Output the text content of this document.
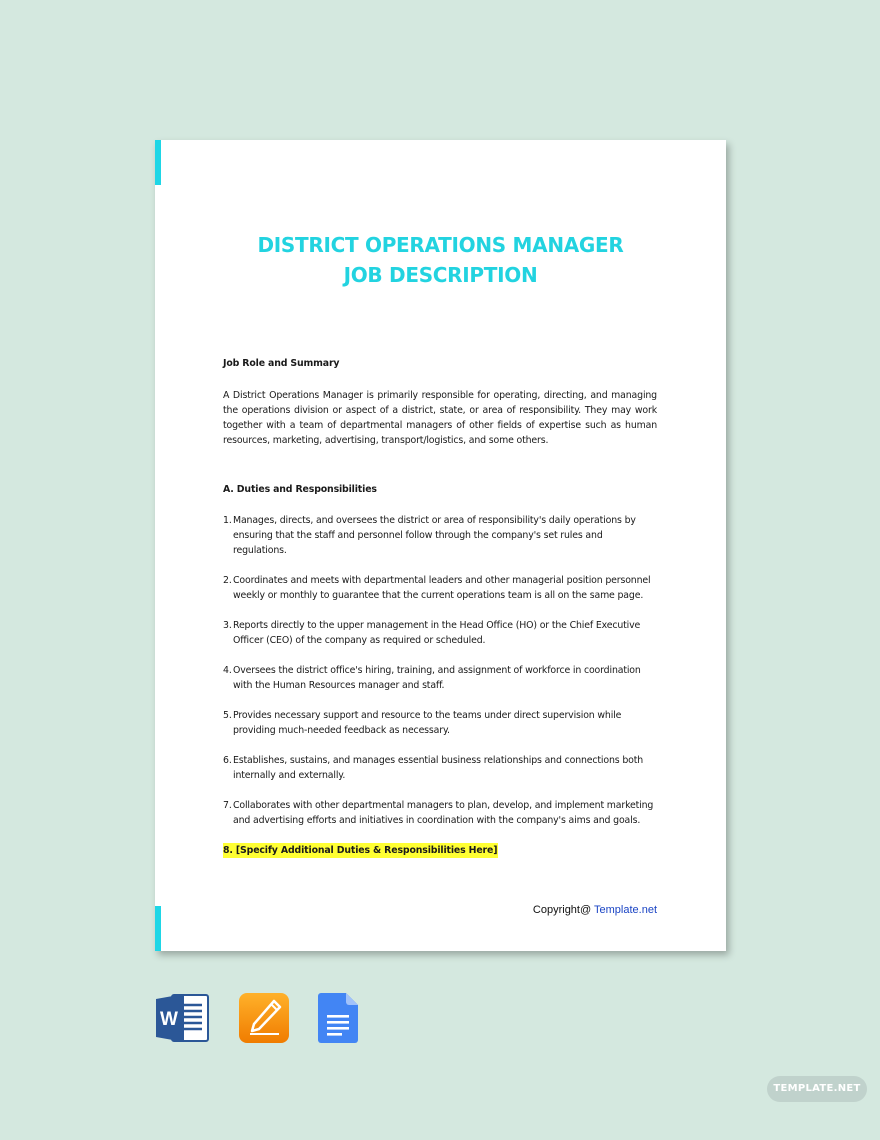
DISTRICT OPERATIONS MANAGER
JOB DESCRIPTION
Job Role and Summary
A District Operations Manager is primarily responsible for operating, directing, and managing the operations division or aspect of a district, state, or area of responsibility. They may work together with a team of departmental managers of other fields of expertise such as human resources, marketing, advertising, transport/logistics, and some others.
A. Duties and Responsibilities
1. Manages, directs, and oversees the district or area of responsibility's daily operations by ensuring that the staff and personnel follow through the company's set rules and regulations.
2. Coordinates and meets with departmental leaders and other managerial position personnel weekly or monthly to guarantee that the current operations team is all on the same page.
3. Reports directly to the upper management in the Head Office (HO) or the Chief Executive Officer (CEO) of the company as required or scheduled.
4. Oversees the district office's hiring, training, and assignment of workforce in coordination with the Human Resources manager and staff.
5. Provides necessary support and resource to the teams under direct supervision while providing much-needed feedback as necessary.
6. Establishes, sustains, and manages essential business relationships and connections both internally and externally.
7. Collaborates with other departmental managers to plan, develop, and implement marketing and advertising efforts and initiatives in coordination with the company's aims and goals.
8. [Specify Additional Duties & Responsibilities Here]
Copyright@ Template.net
W
TEMPLATE.NET
